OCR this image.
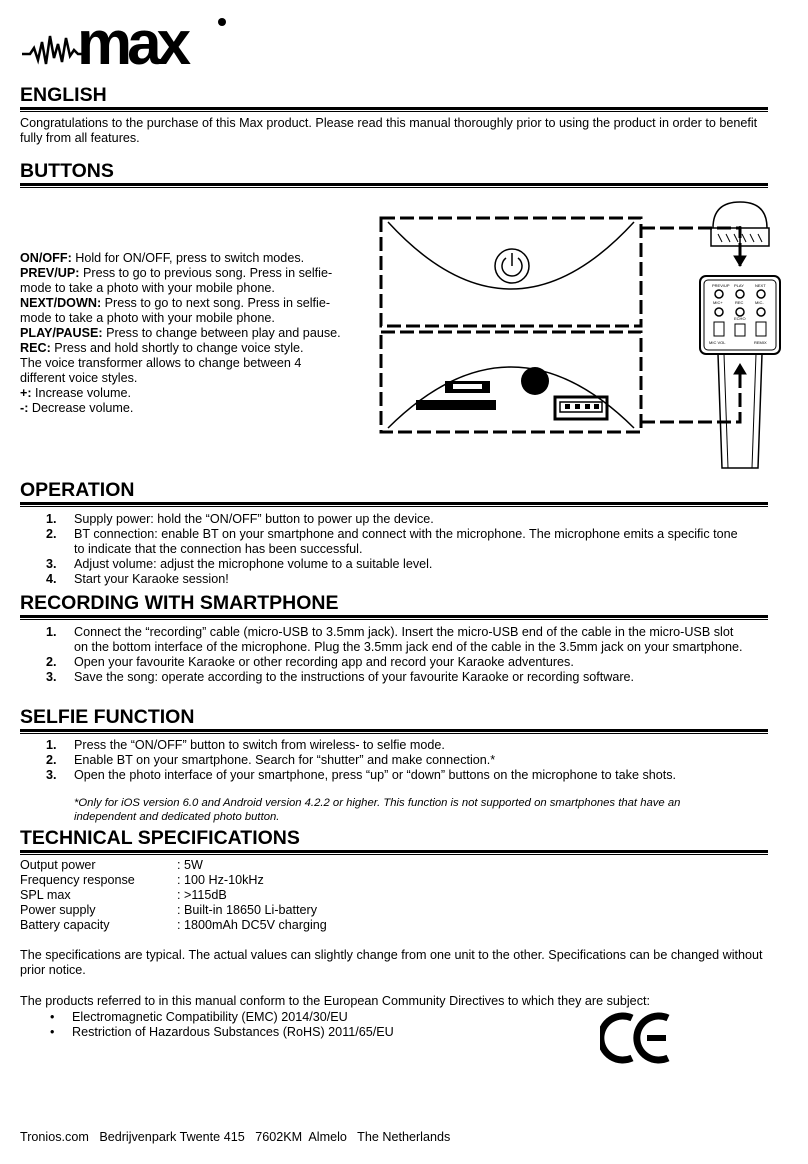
max
ENGLISH
Congratulations to the purchase of this Max product. Please read this manual thoroughly prior to using the product in order to benefit fully from all features.
BUTTONS
ON/OFF: Hold for ON/OFF, press to switch modes.
PREV/UP: Press to go to previous song. Press in selfie-mode to take a photo with your mobile phone.
NEXT/DOWN: Press to go to next song. Press in selfie-mode to take a photo with your mobile phone.
PLAY/PAUSE: Press to change between play and pause.
REC: Press and hold shortly to change voice style.
The voice transformer allows to change between 4 different voice styles.
+: Increase volume.
-: Decrease volume.
PREV/UP PLAY	NEXT
MIC+	REC	MIC-
MIC VOL	REMIX
ECHO
OPERATION
1. Supply power: hold the “ON/OFF” button to power up the device.
2. BT connection: enable BT on your smartphone and connect with the microphone. The microphone emits a specific tone to indicate that the connection has been successful.
3. Adjust volume: adjust the microphone volume to a suitable level.
4. Start your Karaoke session!
RECORDING WITH SMARTPHONE
1. Connect the “recording” cable (micro-USB to 3.5mm jack). Insert the micro-USB end of the cable in the micro-USB slot on the bottom interface of the microphone. Plug the 3.5mm jack end of the cable in the 3.5mm jack on your smartphone.
2. Open your favourite Karaoke or other recording app and record your Karaoke adventures.
3. Save the song: operate according to the instructions of your favourite Karaoke or recording software.
SELFIE FUNCTION
1. Press the “ON/OFF” button to switch from wireless- to selfie mode.
2. Enable BT on your smartphone. Search for “shutter” and make connection.*
3. Open the photo interface of your smartphone, press “up” or “down” buttons on the microphone to take shots.
*Only for iOS version 6.0 and Android version 4.2.2 or higher. This function is not supported on smartphones that have an independent and dedicated photo button.
TECHNICAL SPECIFICATIONS
Output power	: 5W
Frequency response	: 100 Hz-10kHz
SPL max	: >115dB
Power supply	: Built-in 18650 Li-battery
Battery capacity	: 1800mAh DC5V charging
The specifications are typical. The actual values can slightly change from one unit to the other. Specifications can be changed without prior notice.
The products referred to in this manual conform to the European Community Directives to which they are subject:
• Electromagnetic Compatibility (EMC) 2014/30/EU
• Restriction of Hazardous Substances (RoHS) 2011/65/EU
Tronios.com   Bedrijvenpark Twente 415   7602KM  Almelo   The Netherlands
